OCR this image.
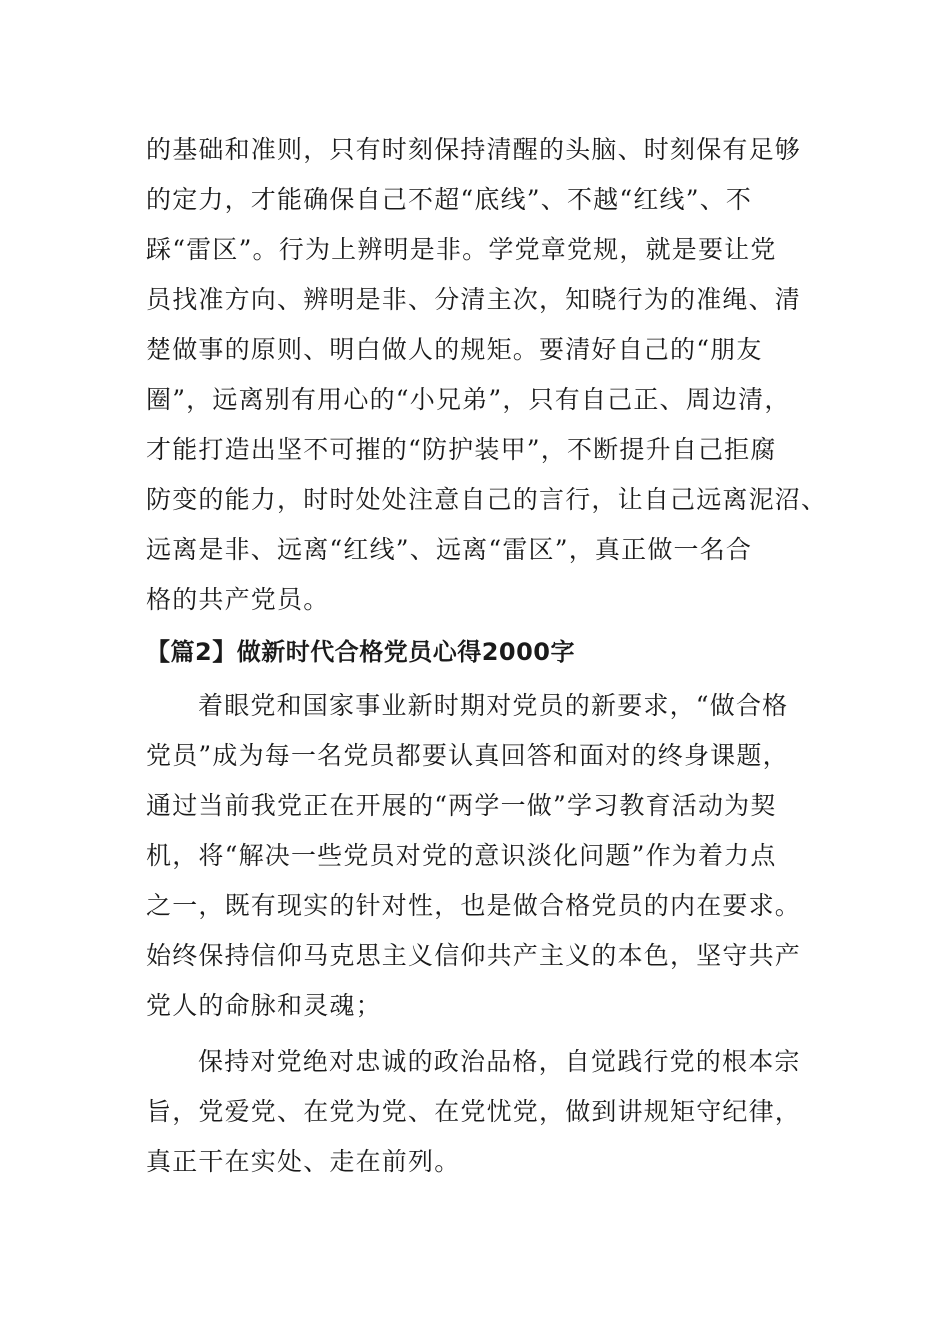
的基础和准则，只有时刻保持清醒的头脑、时刻保有足够
的定力，才能确保自己不超“底线”、不越“红线”、不
踩“雷区”。行为上辨明是非。学党章党规，就是要让党
员找准方向、辨明是非、分清主次，知晓行为的准绳、清
楚做事的原则、明白做人的规矩。要清好自己的“朋友
圈”，远离别有用心的“小兄弟”，只有自己正、周边清，
才能打造出坚不可摧的“防护装甲”，不断提升自己拒腐
防变的能力，时时处处注意自己的言行，让自己远离泥沼、
远离是非、远离“红线”、远离“雷区”，真正做一名合
格的共产党员。
【篇2】做新时代合格党员心得2000字
着眼党和国家事业新时期对党员的新要求，“做合格
党员”成为每一名党员都要认真回答和面对的终身课题，
通过当前我党正在开展的“两学一做”学习教育活动为契
机，将“解决一些党员对党的意识淡化问题”作为着力点
之一，既有现实的针对性，也是做合格党员的内在要求。
始终保持信仰马克思主义信仰共产主义的本色，坚守共产
党人的命脉和灵魂；
保持对党绝对忠诚的政治品格，自觉践行党的根本宗
旨，党爱党、在党为党、在党忧党，做到讲规矩守纪律，
真正干在实处、走在前列。
